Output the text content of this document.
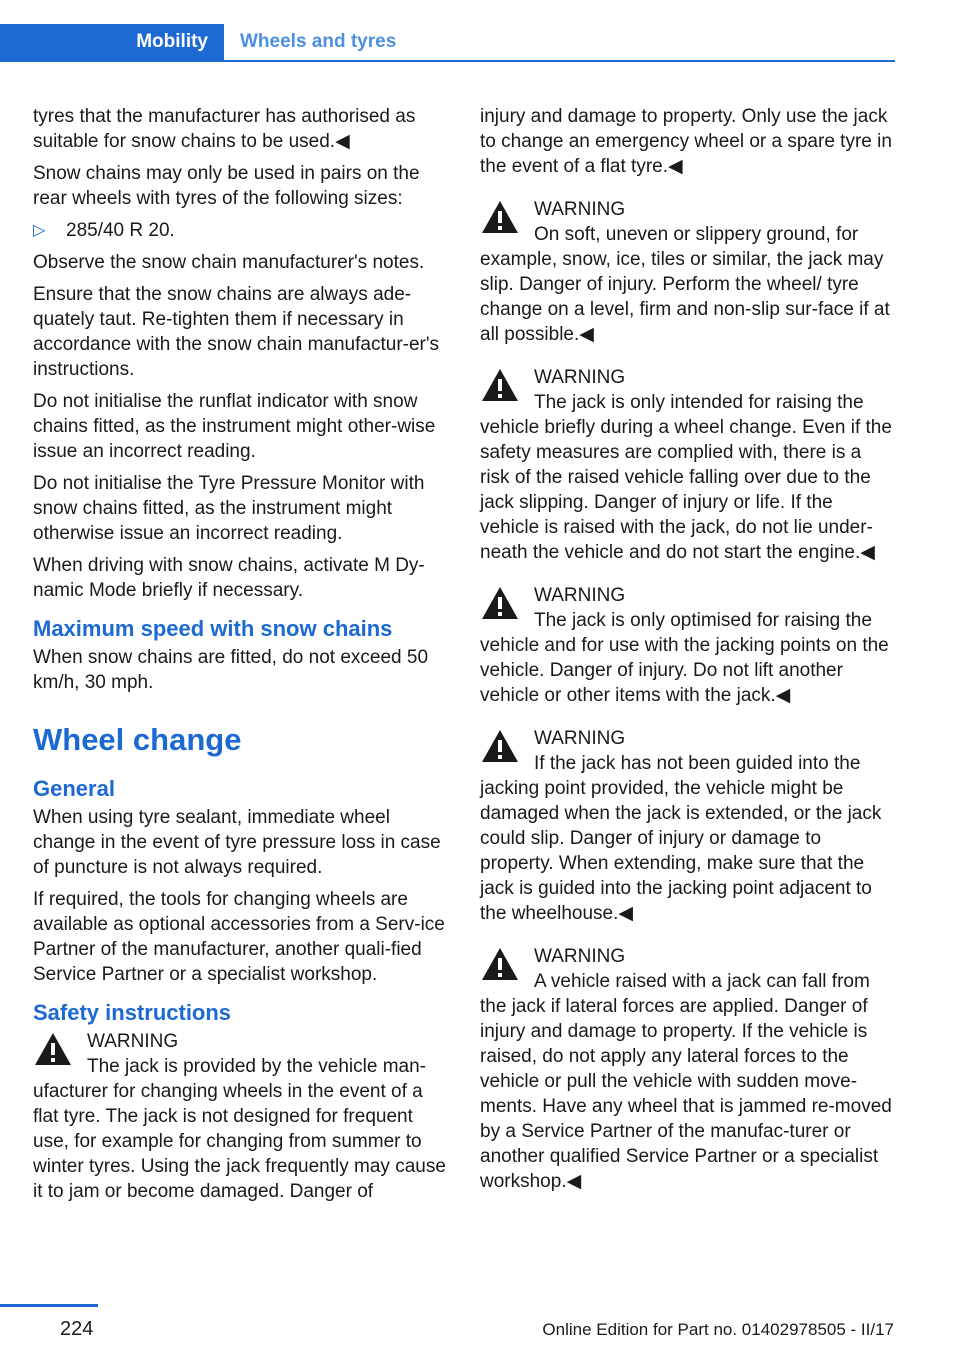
Mobility	Wheels and tyres

tyres that the manufacturer has authorised as suitable for snow chains to be used.◀

Snow chains may only be used in pairs on the rear wheels with tyres of the following sizes:

▷	285/40 R 20.

Observe the snow chain manufacturer's notes.

Ensure that the snow chains are always ade‐quately taut. Re-tighten them if necessary in accordance with the snow chain manufactur‐er's instructions.

Do not initialise the runflat indicator with snow chains fitted, as the instrument might other‐wise issue an incorrect reading.

Do not initialise the Tyre Pressure Monitor with snow chains fitted, as the instrument might otherwise issue an incorrect reading.

When driving with snow chains, activate M Dy‐namic Mode briefly if necessary.

Maximum speed with snow chains

When snow chains are fitted, do not exceed 50 km/h, 30 mph.

Wheel change
General

When using tyre sealant, immediate wheel change in the event of tyre pressure loss in case of puncture is not always required.

If required, the tools for changing wheels are available as optional accessories from a Serv‐ice Partner of the manufacturer, another quali‐fied Service Partner or a specialist workshop.

Safety instructions
WARNING
The jack is provided by the vehicle man‐ufacturer for changing wheels in the event of a flat tyre. The jack is not designed for frequent use, for example for changing from summer to winter tyres. Using the jack frequently may cause it to jam or become damaged. Danger of

injury and damage to property. Only use the jack to change an emergency wheel or a spare tyre in the event of a flat tyre.◀

WARNING
On soft, uneven or slippery ground, for example, snow, ice, tiles or similar, the jack may slip. Danger of injury. Perform the wheel/ tyre change on a level, firm and non-slip sur‐face if at all possible.◀
WARNING
The jack is only intended for raising the vehicle briefly during a wheel change. Even if the safety measures are complied with, there is a risk of the raised vehicle falling over due to the jack slipping. Danger of injury or life. If the vehicle is raised with the jack, do not lie under‐neath the vehicle and do not start the engine.◀
WARNING
The jack is only optimised for raising the vehicle and for use with the jacking points on the vehicle. Danger of injury. Do not lift another vehicle or other items with the jack.◀
WARNING
If the jack has not been guided into the jacking point provided, the vehicle might be damaged when the jack is extended, or the jack could slip. Danger of injury or damage to property. When extending, make sure that the jack is guided into the jacking point adjacent to the wheelhouse.◀
WARNING
A vehicle raised with a jack can fall from the jack if lateral forces are applied. Danger of injury and damage to property. If the vehicle is raised, do not apply any lateral forces to the vehicle or pull the vehicle with sudden move‐ments. Have any wheel that is jammed re‐moved by a Service Partner of the manufac‐turer or another qualified Service Partner or a specialist workshop.◀
224	Online Edition for Part no. 01402978505 - II/17
